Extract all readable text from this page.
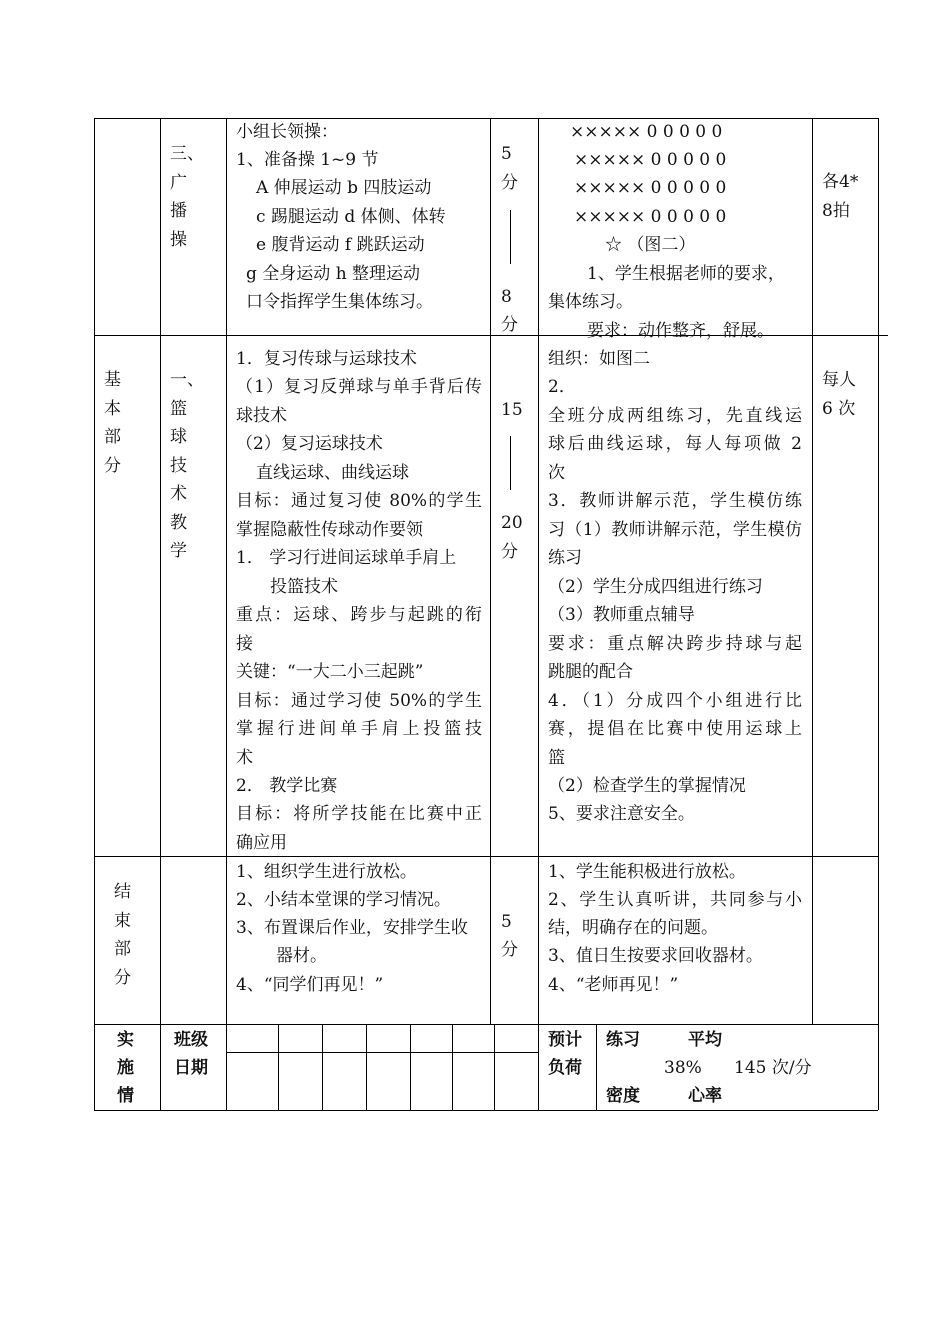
三、广播操
小组长领操：
1、准备操 1~9 节
A 伸展运动 b 四肢运动
c 踢腿运动 d 体侧、体转
e 腹背运动 f 跳跃运动
g 全身运动 h 整理运动
口令指挥学生集体练习。
5
分
8
分
××××× 0 0 0 0 0
××××× 0 0 0 0 0
××××× 0 0 0 0 0
××××× 0 0 0 0 0
☆ （图二）
1、学生根据老师的要求，
集体练习。
要求：动作整齐，舒展。
各4*8拍
基本部分
一、篮球技术教学
1．复习传球与运球技术
（1）复习反弹球与单手背后传
球技术
（2）复习运球技术
直线运球、曲线运球
目标：通过复习使 80%的学生
掌握隐蔽性传球动作要领
1． 学习行进间运球单手肩上
投篮技术
重点：运球、跨步与起跳的衔
接
关键：“一大二小三起跳”
目标：通过学习使 50%的学生
掌握行进间单手肩上投篮技
术
2． 教学比赛
目标：将所学技能在比赛中正
确应用
15
20
分
组织：如图二
2．
全班分成两组练习，先直线运
球后曲线运球，每人每项做 2
次
3．教师讲解示范，学生模仿练
习（1）教师讲解示范，学生模仿
练习
（2）学生分成四组进行练习
（3）教师重点辅导
要求：重点解决跨步持球与起
跳腿的配合
4．（1）分成四个小组进行比
赛，提倡在比赛中使用运球上
篮
（2）检查学生的掌握情况
5、要求注意安全。
每人
6 次
结束部分
1、组织学生进行放松。
2、小结本堂课的学习情况。
3、布置课后作业，安排学生收
器材。
4、“同学们再见！”
5
分
1、学生能积极进行放松。
2、学生认真听讲，共同参与小
结，明确存在的问题。
3、值日生按要求回收器材。
4、“老师再见！”
实
施
情
班级
日期
预计
负荷
练习	平均
38% 145 次/分
密度	心率
